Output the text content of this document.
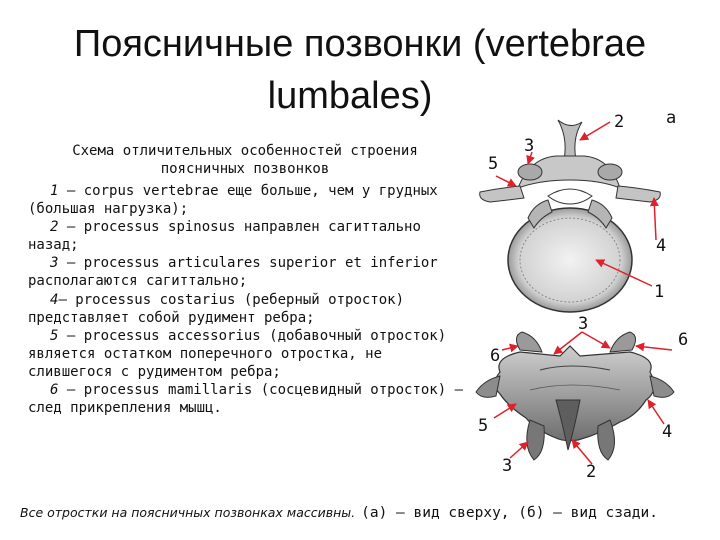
Поясничные позвонки (vertebrae
lumbales)
Схема отличительных особенностей строения
поясничных позвонков
1 — corpus vertebrae еще больше, чем у грудных (большая нагрузка);
2 — processus spinosus направлен сагиттально назад;
3 — processus articulares superior et inferior располагаются сагиттально;
4— processus costarius (реберный отросток) представляет собой рудимент ребра;
5 — processus accessorius (добавочный отросток) является остатком поперечного отростка, не слившегося с рудиментом ребра;
6 — processus mamillaris (сосцевидный отросток) — след прикрепления мышц.
а
2
3
5
4
1
3
6
6
5	4
3	2
Все отростки на поясничных позвонках массивны. (а) — вид сверху, (б) — вид сзади.
